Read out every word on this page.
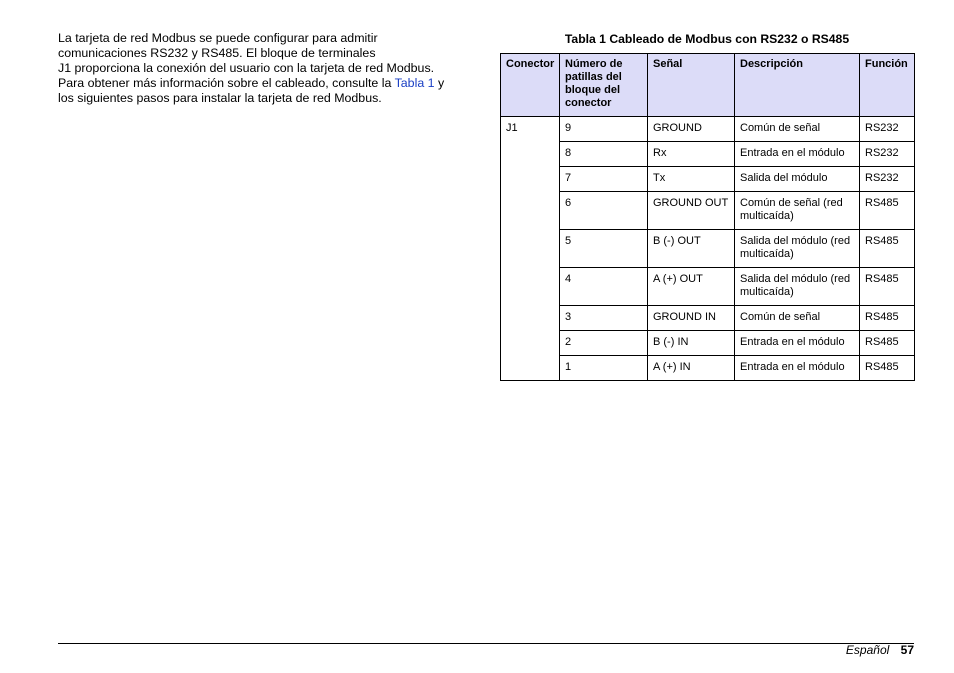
La tarjeta de red Modbus se puede configurar para admitir
comunicaciones RS232 y RS485. El bloque de terminales
J1 proporciona la conexión del usuario con la tarjeta de red Modbus.
Para obtener más información sobre el cableado, consulte la Tabla 1 y
los siguientes pasos para instalar la tarjeta de red Modbus.

Tabla 1 Cableado de Modbus con RS232 o RS485
Conector	Número de patillas del bloque del conector	Señal	Descripción	Función
J1	9	GROUND	Común de señal	RS232
	8	Rx	Entrada en el módulo	RS232
	7	Tx	Salida del módulo	RS232
	6	GROUND OUT	Común de señal (red multicaída)	RS485
	5	B (-) OUT	Salida del módulo (red multicaída)	RS485
	4	A (+) OUT	Salida del módulo (red multicaída)	RS485
	3	GROUND IN	Común de señal	RS485
	2	B (-) IN	Entrada en el módulo	RS485
	1	A (+) IN	Entrada en el módulo	RS485
Español 57
